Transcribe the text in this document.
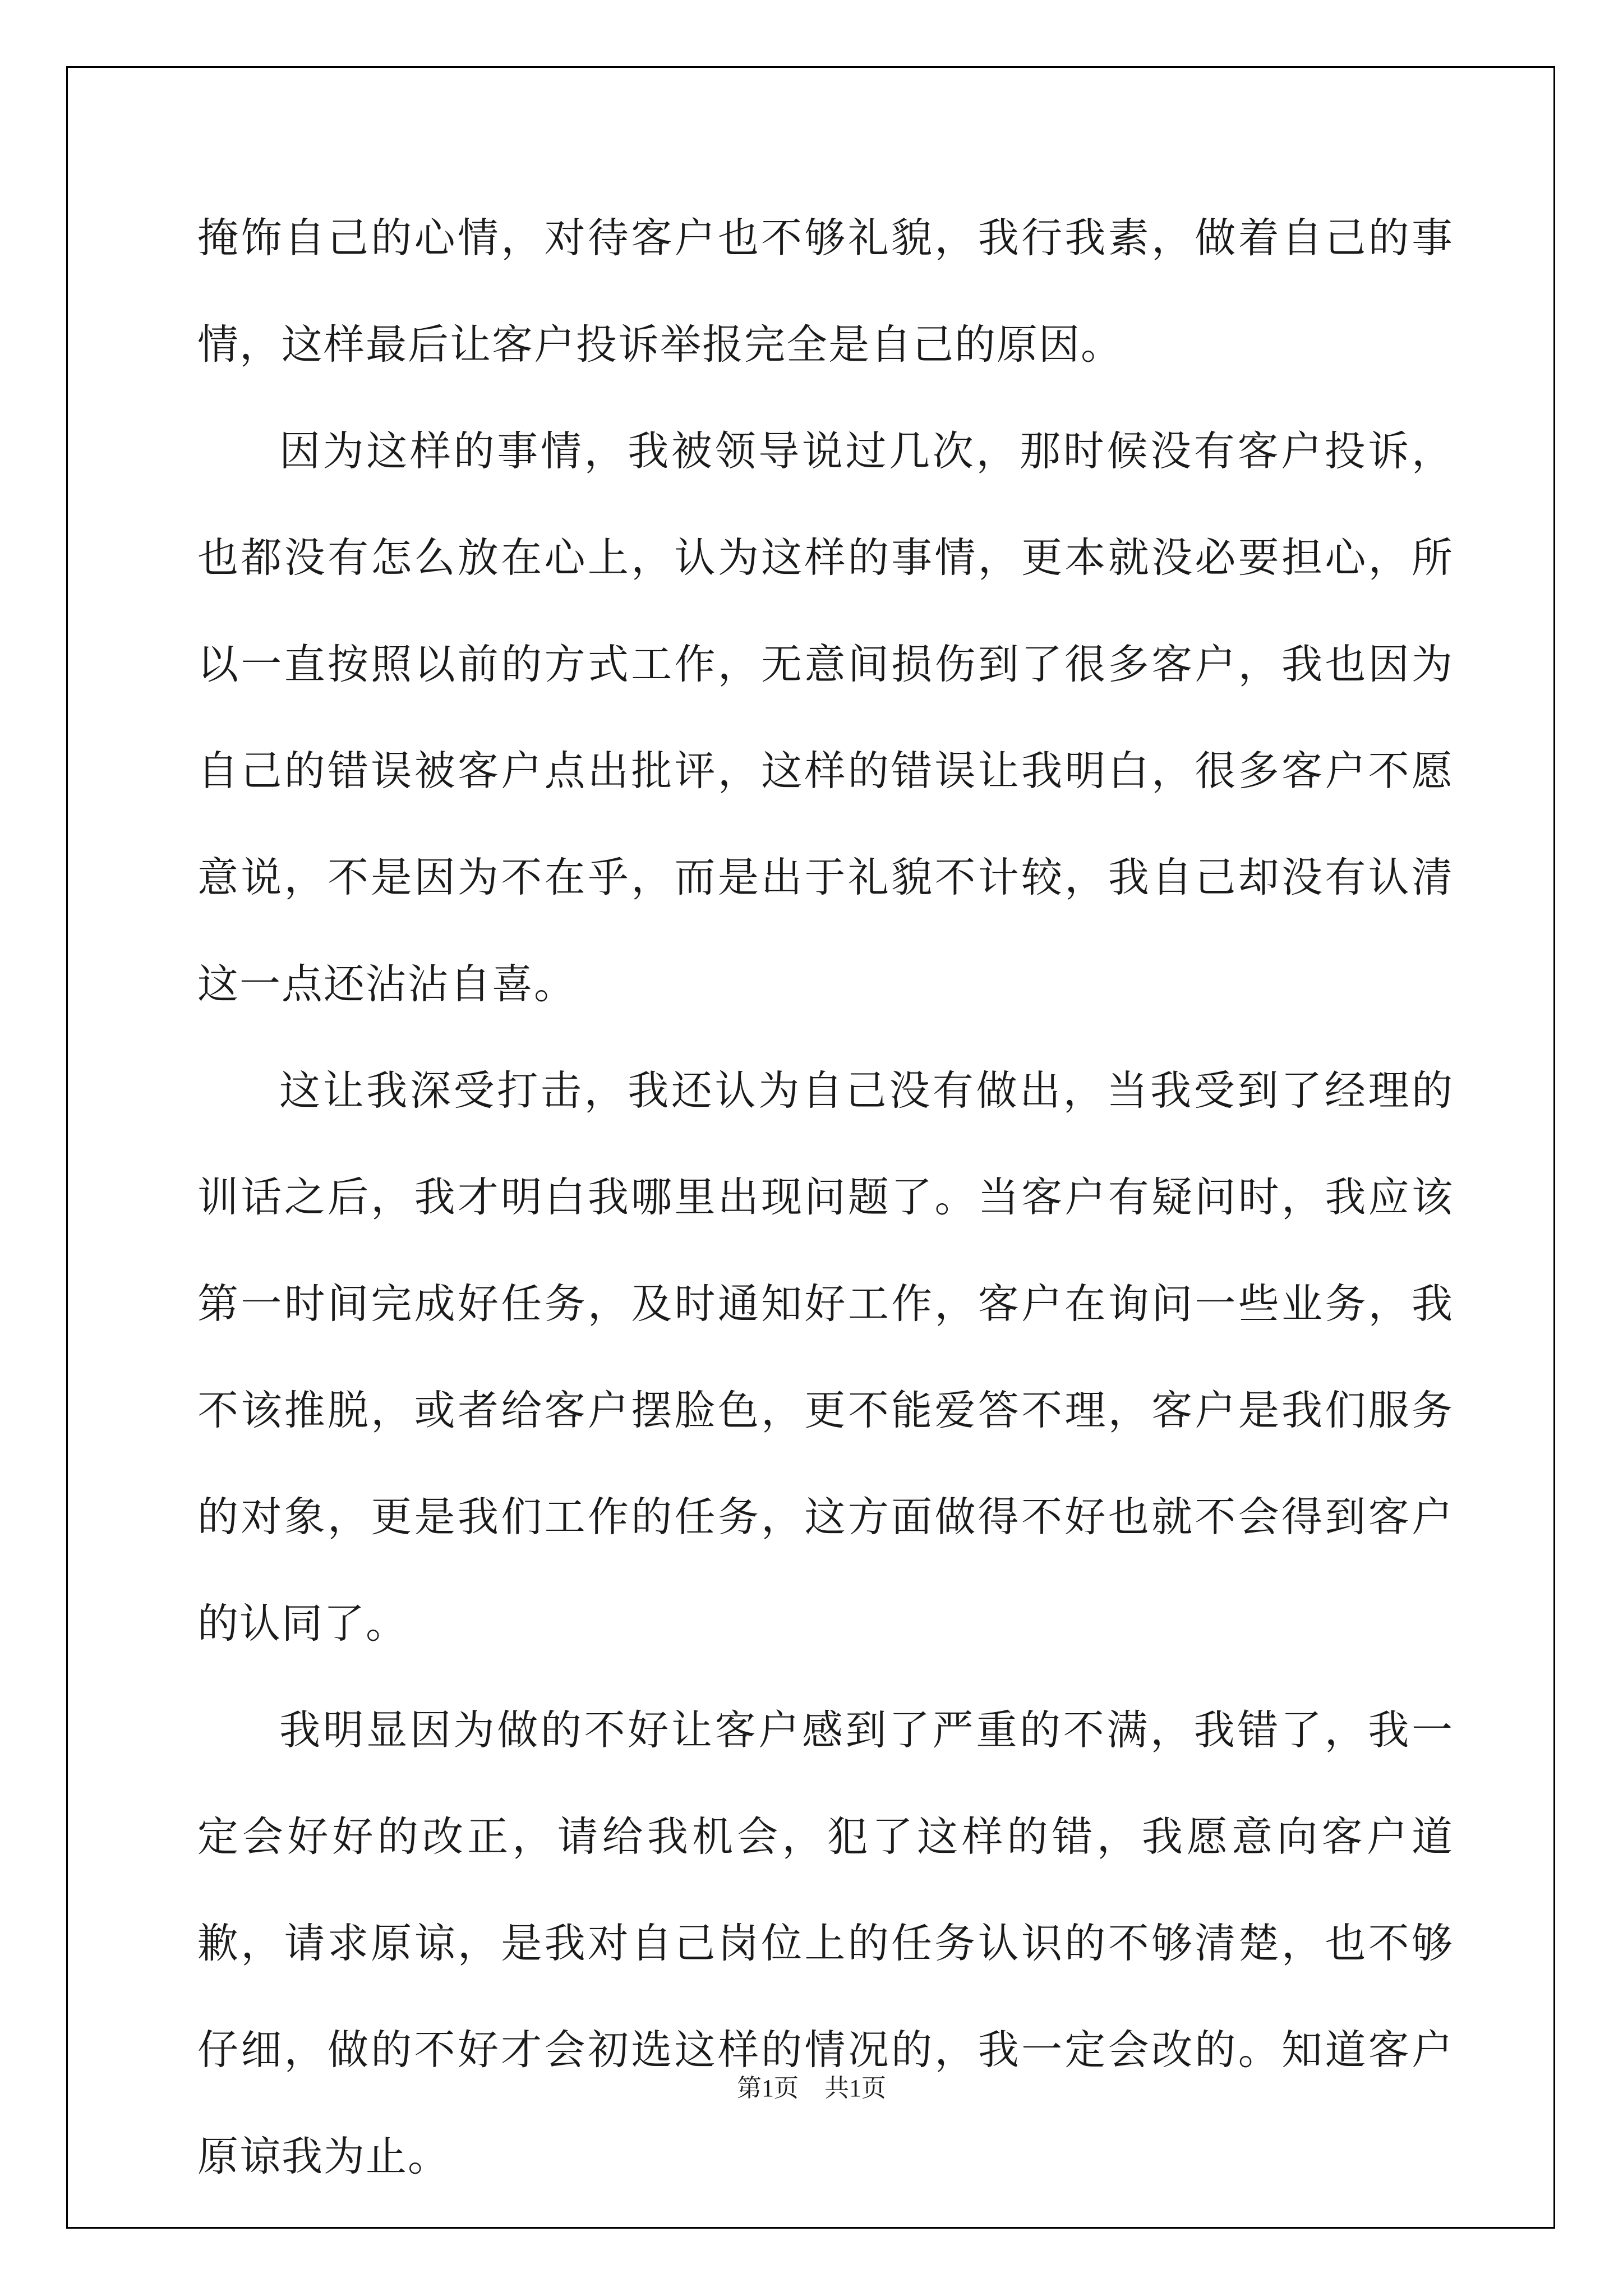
掩饰自己的心情，对待客户也不够礼貌，我行我素，做着自己的事情，这样最后让客户投诉举报完全是自己的原因。

因为这样的事情，我被领导说过几次，那时候没有客户投诉，也都没有怎么放在心上，认为这样的事情，更本就没必要担心，所以一直按照以前的方式工作，无意间损伤到了很多客户，我也因为自己的错误被客户点出批评，这样的错误让我明白，很多客户不愿意说，不是因为不在乎，而是出于礼貌不计较，我自己却没有认清这一点还沾沾自喜。

这让我深受打击，我还认为自己没有做出，当我受到了经理的训话之后，我才明白我哪里出现问题了。当客户有疑问时，我应该第一时间完成好任务，及时通知好工作，客户在询问一些业务，我不该推脱，或者给客户摆脸色，更不能爱答不理，客户是我们服务的对象，更是我们工作的任务，这方面做得不好也就不会得到客户的认同了。

我明显因为做的不好让客户感到了严重的不满，我错了，我一定会好好的改正，请给我机会，犯了这样的错，我愿意向客户道歉，请求原谅，是我对自己岗位上的任务认识的不够清楚，也不够仔细，做的不好才会初选这样的情况的，我一定会改的。知道客户原谅我为止。

第1页 共1页
